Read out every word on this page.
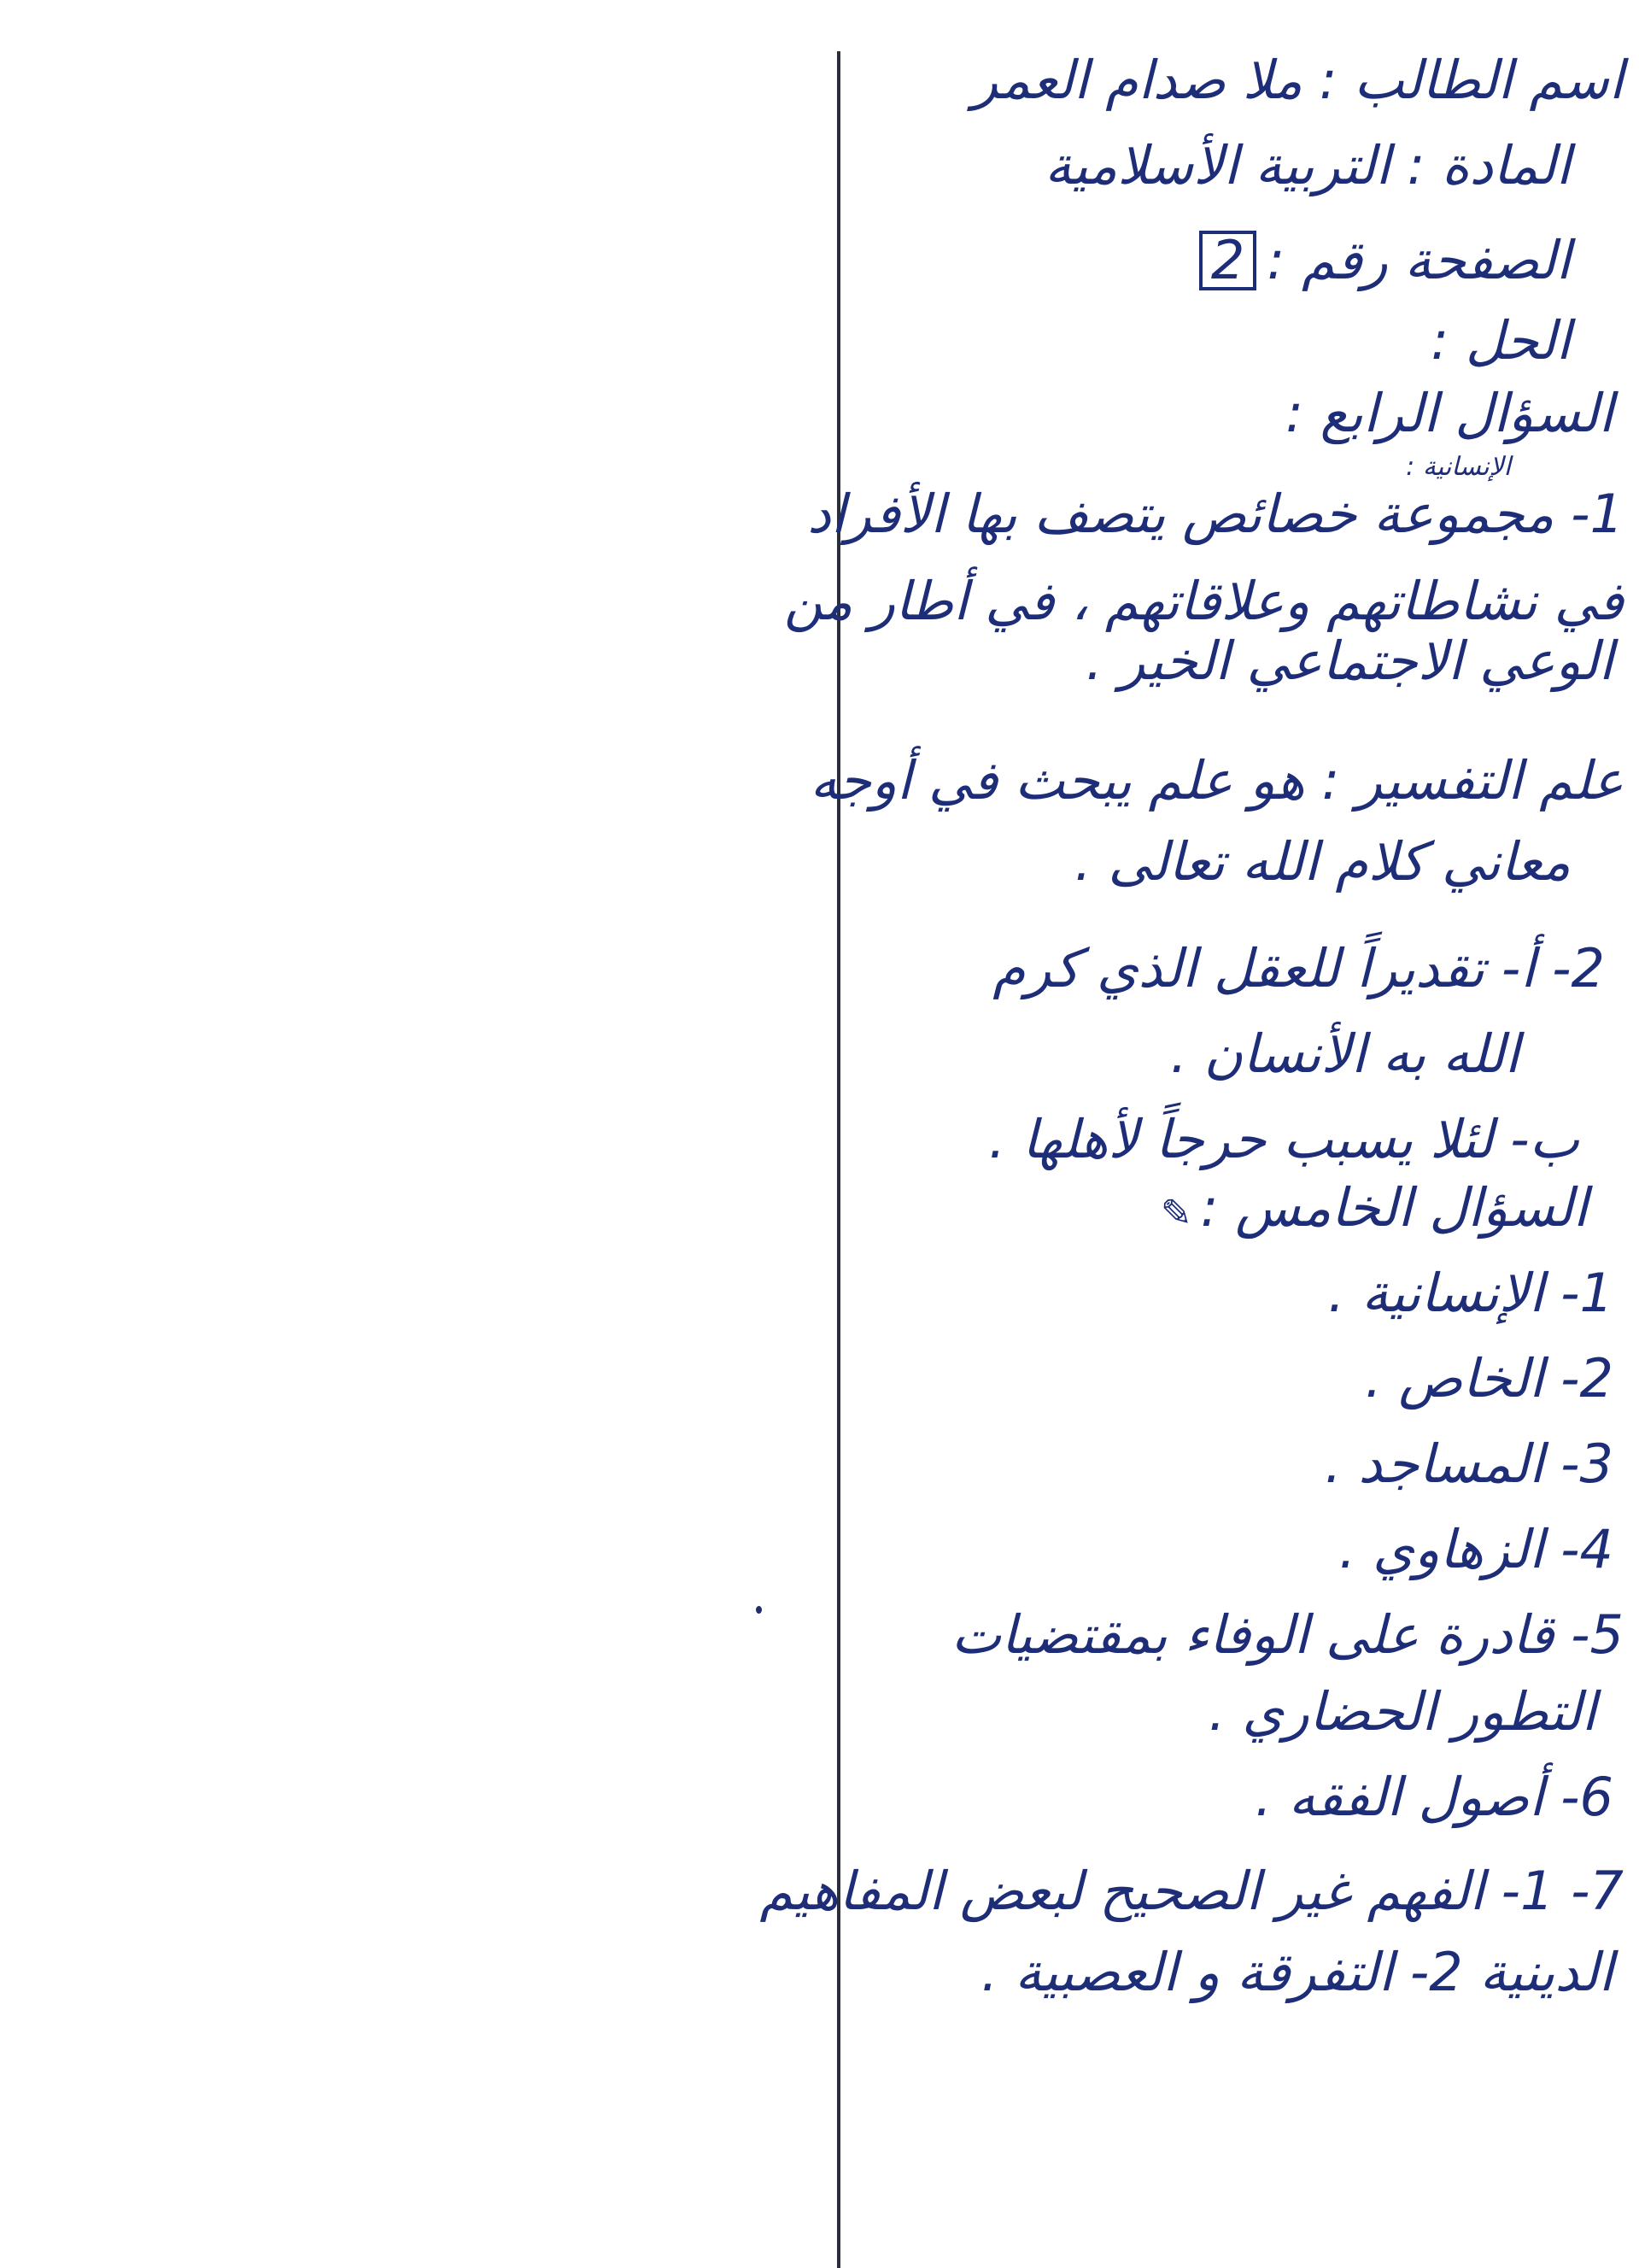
اسم الطالب : ملا صدام العمر
المادة : التربية الأسلامية
الصفحة رقم :2
الحل :
السؤال الرابع :
الإنسانية :
1- مجموعة خصائص يتصف بها الأفراد
في نشاطاتهم وعلاقاتهم ، في أطار من
الوعي الاجتماعي الخير .
علم التفسير : هو علم يبحث في أوجه
معاني كلام الله تعالى .
2- أ- تقديراً للعقل الذي كرم
الله به الأنسان .
ب- لئلا يسبب حرجاً لأهلها .
السؤال الخامس :✎
1- الإنسانية .
2- الخاص .
3- المساجد .
4- الزهاوي .
5- قادرة على الوفاء بمقتضيات
التطور الحضاري .
6- أصول الفقه .
7- 1- الفهم غير الصحيح لبعض المفاهيم
الدينية 2- التفرقة و العصبية .
